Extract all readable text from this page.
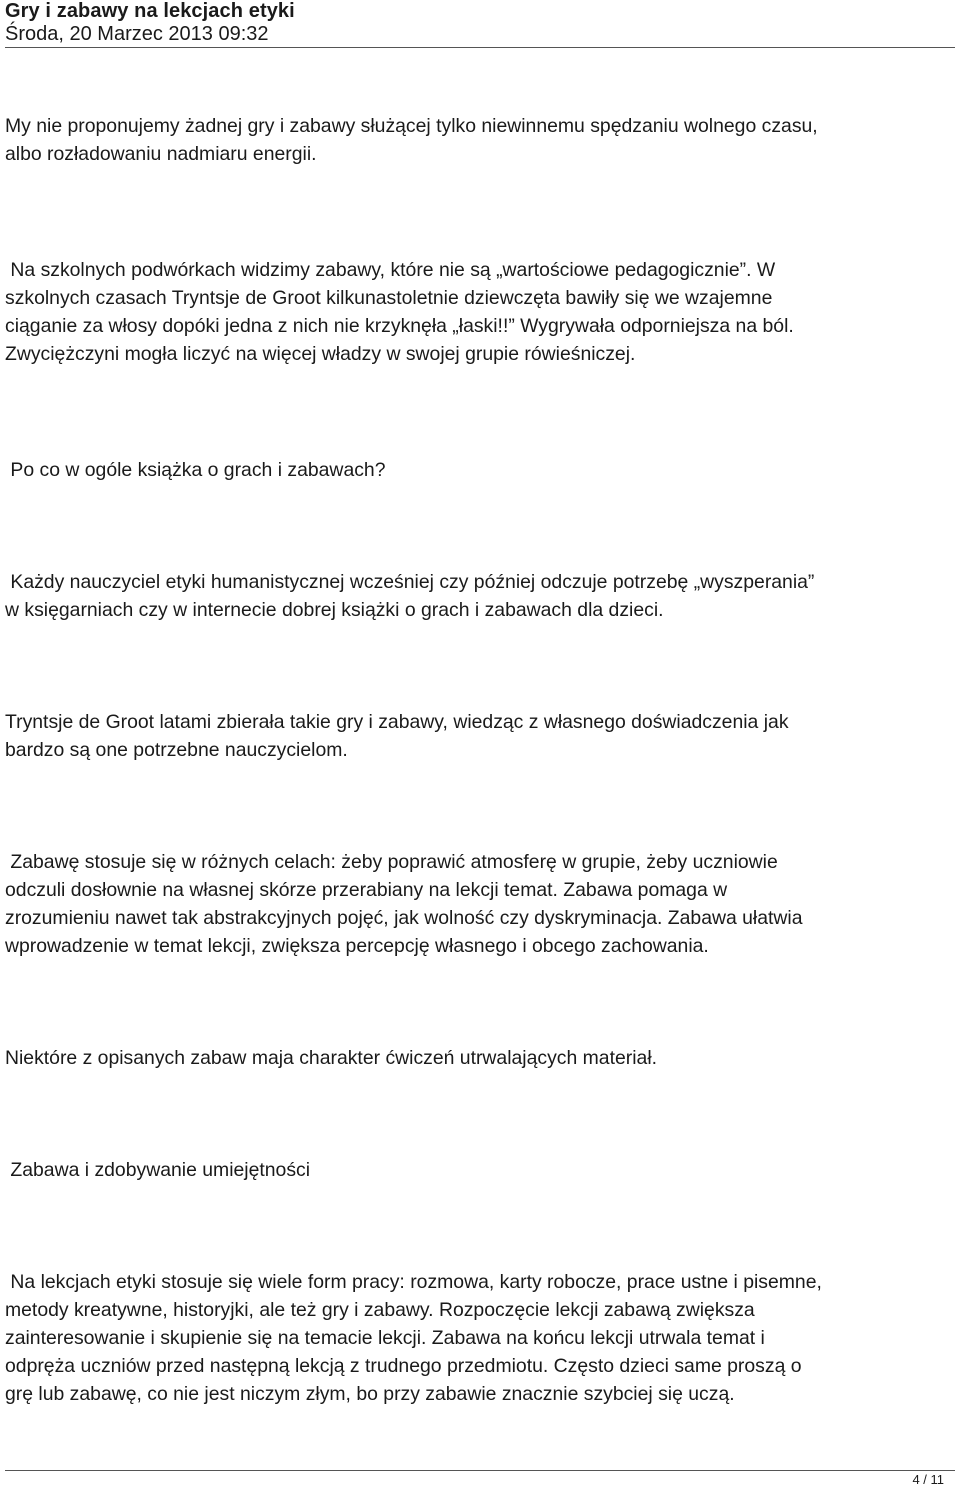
Gry i zabawy na lekcjach etyki
Środa, 20 Marzec 2013 09:32

My nie proponujemy żadnej gry i zabawy służącej tylko niewinnemu spędzaniu wolnego czasu,
albo rozładowaniu nadmiaru energii.

Na szkolnych podwórkach widzimy zabawy, które nie są „wartościowe pedagogicznie”. W
szkolnych czasach Tryntsje de Groot kilkunastoletnie dziewczęta bawiły się we wzajemne
ciąganie za włosy dopóki jedna z nich nie krzyknęła „łaski!!” Wygrywała odporniejsza na ból.
Zwyciężczyni mogła liczyć na więcej władzy w swojej grupie rówieśniczej.

Po co w ogóle książka o grach i zabawach?

Każdy nauczyciel etyki humanistycznej wcześniej czy później odczuje potrzebę „wyszperania”
w księgarniach czy w internecie dobrej książki o grach i zabawach dla dzieci.

Tryntsje de Groot latami zbierała takie gry i zabawy, wiedząc z własnego doświadczenia jak
bardzo są one potrzebne nauczycielom.

Zabawę stosuje się w różnych celach: żeby poprawić atmosferę w grupie, żeby uczniowie
odczuli dosłownie na własnej skórze przerabiany na lekcji temat. Zabawa pomaga w
zrozumieniu nawet tak abstrakcyjnych pojęć, jak wolność czy dyskryminacja. Zabawa ułatwia
wprowadzenie w temat lekcji, zwiększa percepcję własnego i obcego zachowania.

Niektóre z opisanych zabaw maja charakter ćwiczeń utrwalających materiał.

Zabawa i zdobywanie umiejętności

Na lekcjach etyki stosuje się wiele form pracy: rozmowa, karty robocze, prace ustne i pisemne,
metody kreatywne, historyjki, ale też gry i zabawy. Rozpoczęcie lekcji zabawą zwiększa
zainteresowanie i skupienie się na temacie lekcji. Zabawa na końcu lekcji utrwala temat i
odpręża uczniów przed następną lekcją z trudnego przedmiotu. Często dzieci same proszą o
grę lub zabawę, co nie jest niczym złym, bo przy zabawie znacznie szybciej się uczą.

4 / 11
